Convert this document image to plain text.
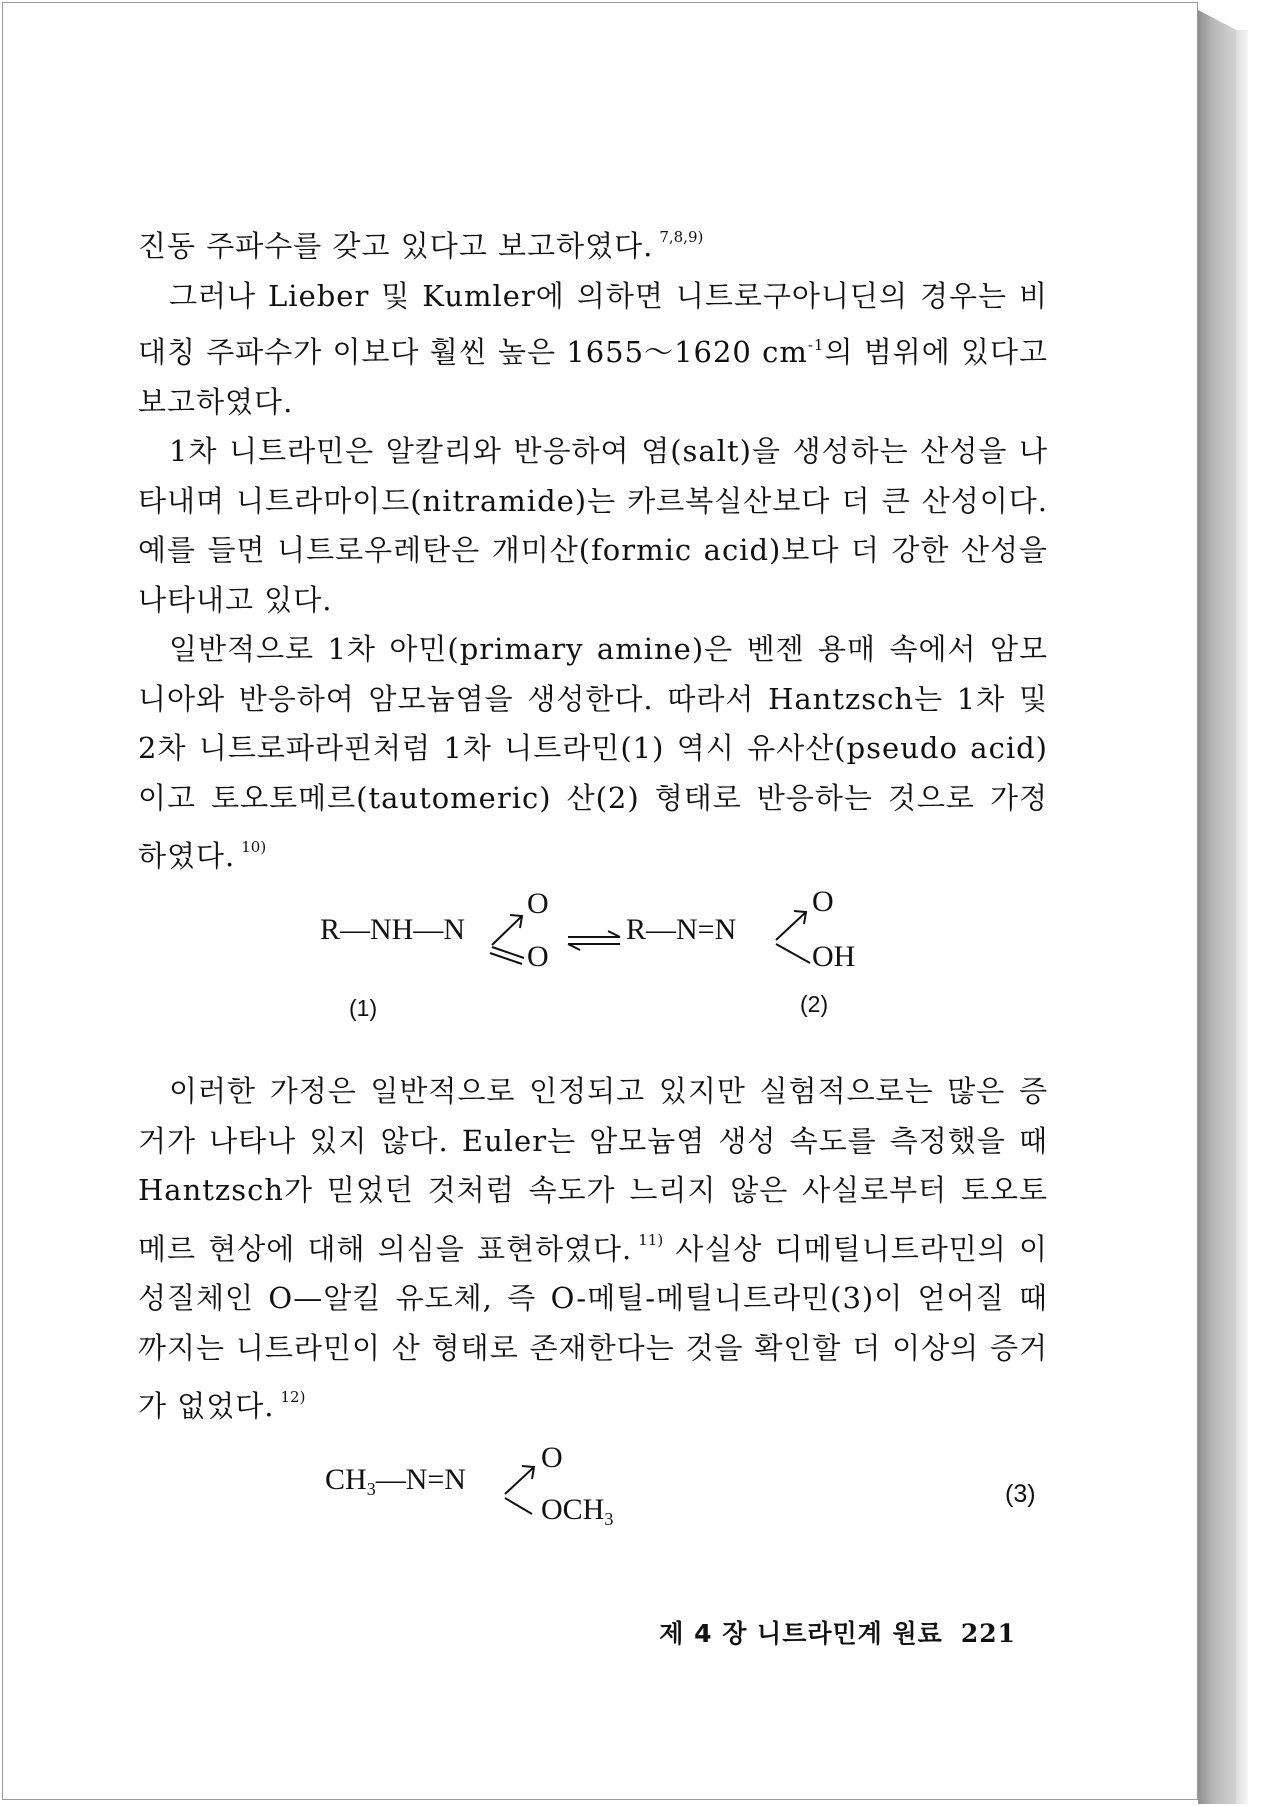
진동 주파수를 갖고 있다고 보고하였다. $^{7,8,9)}$

그러나 Lieber 및 Kumler에 의하면 니트로구아니딘의 경우는 비대칭 주파수가 이보다 훨씬 높은 1655～1620 $cm^{-1}$의 범위에 있다고 보고하였다.

1차 니트라민은 알칼리와 반응하여 염(salt)을 생성하는 산성을 나타내며 니트라마이드(nitramide)는 카르복실산보다 더 큰 산성이다. 예를 들면 니트로우레탄은 개미산(formic acid)보다 더 강한 산성을 나타내고 있다.

일반적으로 1차 아민(primary amine)은 벤젠 용매 속에서 암모니아와 반응하여 암모늄염을 생성한다. 따라서 Hantzsch는 1차 및 2차 니트로파라핀처럼 1차 니트라민(1) 역시 유사산(pseudo acid)이고 토오토메르(tautomeric) 산(2) 형태로 반응하는 것으로 가정하였다. $^{10)}$

R—NH—N
O
O
R—N=N
O
OH
(1)	(2)

이러한 가정은 일반적으로 인정되고 있지만 실험적으로는 많은 증거가 나타나 있지 않다. Euler는 암모늄염 생성 속도를 측정했을 때 Hantzsch가 믿었던 것처럼 속도가 느리지 않은 사실로부터 토오토메르 현상에 대해 의심을 표현하였다. $^{11)}$ 사실상 디메틸니트라민의 이성질체인 O—알킬 유도체, 즉 O-메틸-메틸니트라민(3)이 얻어질 때까지는 니트라민이 산 형태로 존재한다는 것을 확인할 더 이상의 증거가 없었다. $^{12)}$

$CH_3—N=N$
O
$OCH_3$
(3)
제 4 장 니트라민계 원료 221
